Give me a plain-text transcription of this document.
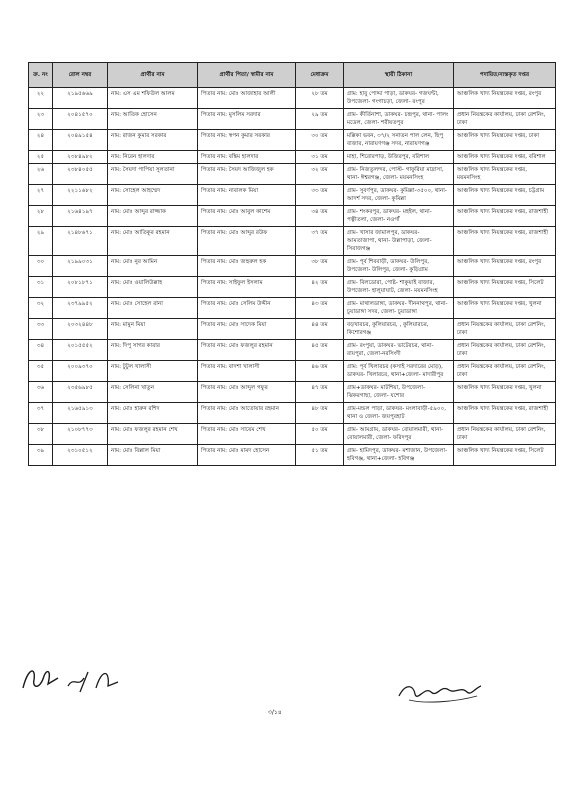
ক্র. নং	রোল নম্বর	প্রার্থীর নাম	প্রার্থীর পিতা/ স্বামীর নাম	মেধাক্রম	স্থায়ী ঠিকানা	পদায়িত/ন্যস্তকৃত দপ্তর
২২	২১৯৫৬৬৯	নাম: এস এম শফিউল আলম	পিতার নাম: মোঃ আজাহার আলী	২৮ তম	গ্রাম: হাবু পোদ্দা পাড়া, ডাকঘর- গজঘন্টা, উপজেলা- গংগাচড়া, জেলা- রংপুর	আঞ্চলিক খাদ্য নিয়ন্ত্রকের দপ্তর, রংপুর
২৩	২০৪১৫৭০	নাম: আতিক হোসেন	পিতার নাম: মুসলিম সরদার	২৯ তম	গ্রাম- কীর্তিনাশা, ডাকঘর- চন্দ্রপুর, থানা- পালং মডেল, জেলা- শরীয়তপুর	প্রধান নিয়ন্ত্রকের কার্যালয়, ঢাকা রেশনিং, ঢাকা
২৪	২০৪৯১৫৪	নাম: রাজন কুমার সরকার	পিতার নাম: স্বপন কুমার সরকার	৩০ তম	মল্লিকা ভবন, ৩৭/২ সনাতন পাল লেন, ছিপু বাজার, নারায়ণগঞ্জ সদর, নারায়ণগঞ্জ	আঞ্চলিক খাদ্য নিয়ন্ত্রকের দপ্তর, ঢাকা
২৫	২৩৮৪৯৮২	নাম: নিরেন হালদার	পিতার নাম: বঙ্কিম হালদার	৩১ তম	মাহা, শিরোরপাড়, উজিরপুর, বরিশাল	আঞ্চলিক খাদ্য নিয়ন্ত্রকের দপ্তর, বরিশাল
২৬	২৩৮৪০৫৫	নাম: সৈয়দা পাপিয়া সুলতানা	পিতার নাম: সৈয়দ আজিজুল হক	৩২ তম	গ্রাম- নিজতুলন্দর, পোস্ট- গাফুরিয়া মাদ্রাসা, থানা- ঈশ্বরগঞ্জ, জেলা- ময়মনসিংহ	আঞ্চলিক খাদ্য নিয়ন্ত্রকের দপ্তর, ময়মনসিংহ
২৭	২২১১৬৮২	নাম: সোহেল আহম্মেদ	পিতার নাম: নাবালক মিয়া	৩৩ তম	গ্রাম- সুবর্ণপুর, ডাকঘর- কুমিল্লা-৩৫০০, থানা- আদর্শ সদর, জেলা- কুমিল্লা	আঞ্চলিক খাদ্য নিয়ন্ত্রকের দপ্তর, চট্টগ্রাম
২৮	২১৬৪১৯৭	নাম: মোঃ আব্দুর রাজ্জাক	পিতার নাম: মোঃ আবুল কাশেম	৩৪ তম	গ্রাম- শংকরপুর, ডাকঘর- মহইল, থানা- পত্নীতলা, জেলা- নওগাঁ	আঞ্চলিক খাদ্য নিয়ন্ত্রকের দপ্তর, রাজশাহী
২৯	২১৪৮৬৭১	নাম: মোঃ আতিকুর রহমান	পিতার নাম: মোঃ আব্দুর রউফ	৩৭ তম	গ্রাম- খাসার জামালপুর, ডাকঘর- আমতাজাপা, থানা- উল্লাপাড়া, জেলা- সিরাজগঞ্জ	আঞ্চলিক খাদ্য নিয়ন্ত্রকের দপ্তর, রাজশাহী
৩০	২১৯৯০৩১	নাম: মোঃ নুর আমিন	পিতার নাম: মোঃ জহুরুল হক	৩৮ তম	গ্রাম- পূর্ব শিববাড়ী, ডাকঘর- উলিপুর, উপজেলা- উলিপুর, জেলা- কুড়িগ্রাম	আঞ্চলিক খাদ্য নিয়ন্ত্রকের দপ্তর, রংপুর
৩১	২০৮১৮৭১	নাম: মোঃ ওয়ালিউল্লাহ	পিতার নাম: সাইফুল ইসলাম	৪২ তম	গ্রাম- বিলডোরা, পোষ্ট- শাকুয়াই বাজার, উপজেলা- হালুয়াঘাট, জেলা- ময়মনসিংহ	আঞ্চলিক খাদ্য নিয়ন্ত্রকের দপ্তর, সিলেট
৩২	২৩৭৯৯৫২	নাম: মোঃ সোহেল রানা	পিতার নাম: মোঃ সেলিম উদ্দীন	৪৩ তম	গ্রাম- মাথালডাঙ্গা, ডাকঘর- দীননাথপুর, থানা- চুয়াডাঙ্গা সদর, জেলা- চুয়াডাঙ্গা	আঞ্চলিক খাদ্য নিয়ন্ত্রকের দপ্তর, খুলনা
৩৩	২০৩২৪৪৮	নাম: মামুন মিয়া	পিতার নাম: মোঃ সাদেক মিয়া	৪৪ তম	বড়খারচর, কুলিয়ারচর, , কুলিয়ারচর, কিশোরগঞ্জ	প্রধান নিয়ন্ত্রকের কার্যালয়, ঢাকা রেশনিং, ঢাকা
৩৪	২০১৫৫৫২	নাম: দিপু সাগর কারার	পিতার নাম: মোঃ ফজলুর রহমান	৪৫ তম	গ্রাম- রংপুয়া, ডাকঘর- ভাটেরচর, থানা- রায়পুরা, জেলা-নরসিংদী	প্রধান নিয়ন্ত্রকের কার্যালয়, ঢাকা রেশনিং, ঢাকা
৩৫	২০০৯৩৭০	নাম: টুটুল খালাসী	পিতার নাম: বাদশা খালাসী	৪৬ তম	গ্রাম: পূর্ব খিলারচর (কসাই সরদারের মোড়), ডাকঘর- খিলারচর, থানা+জেলা- মাদারীপুর	প্রধান নিয়ন্ত্রকের কার্যালয়, ঢাকা রেশনিং, ঢাকা
৩৬	২৩৫৬৯৮৫	নাম: সেলিনা খাতুন	পিতার নাম: মোঃ আব্দুল গফুর	৪৭ তম	গ্রাম+ডাকঘর- মাটশিয়া, উপজেলা- ঝিকরগাছা, জেলা- যশোর	আঞ্চলিক খাদ্য নিয়ন্ত্রকের দপ্তর, খুলনা
৩৭	২১৬৫৯১৩	নাম: মোঃ হারুন রশিদ	পিতার নাম: মোঃ আতোয়ার রহমান	৪৮ তম	গ্রাম-মন্ডল পাড়া, ডাকঘর- মংলাবাড়ী-৫৯০০, থানা ও জেলা- জয়পুরহাট	আঞ্চলিক খাদ্য নিয়ন্ত্রকের দপ্তর, রাজশাহী
৩৮	২১০৮৭৭৩	নাম: মোঃ ফজলুর রহমান শেখ	পিতার নাম: মোঃ সায়েম শেখ	৫০ তম	গ্রাম- আমগ্রাম, ডাকঘর- বোয়ালমারী, থানা- বোয়ালমারী, জেলা- ফরিদপুর	প্রধান নিয়ন্ত্রকের কার্যালয়, ঢাকা রেশনিং, ঢাকা
৩৯	২৩১০৫১২	নাম: মোঃ বিল্লাল মিয়া	পিতার নাম: মোঃ মামদ হোসেন	৫১ তম	গ্রাম- হামিদপুর, ডাকঘর- মশাজান, উপজেলা- হবিগঞ্জ, থানা+জেলা- হবিগঞ্জ	আঞ্চলিক খাদ্য নিয়ন্ত্রকের দপ্তর, সিলেট
৩/১৪
